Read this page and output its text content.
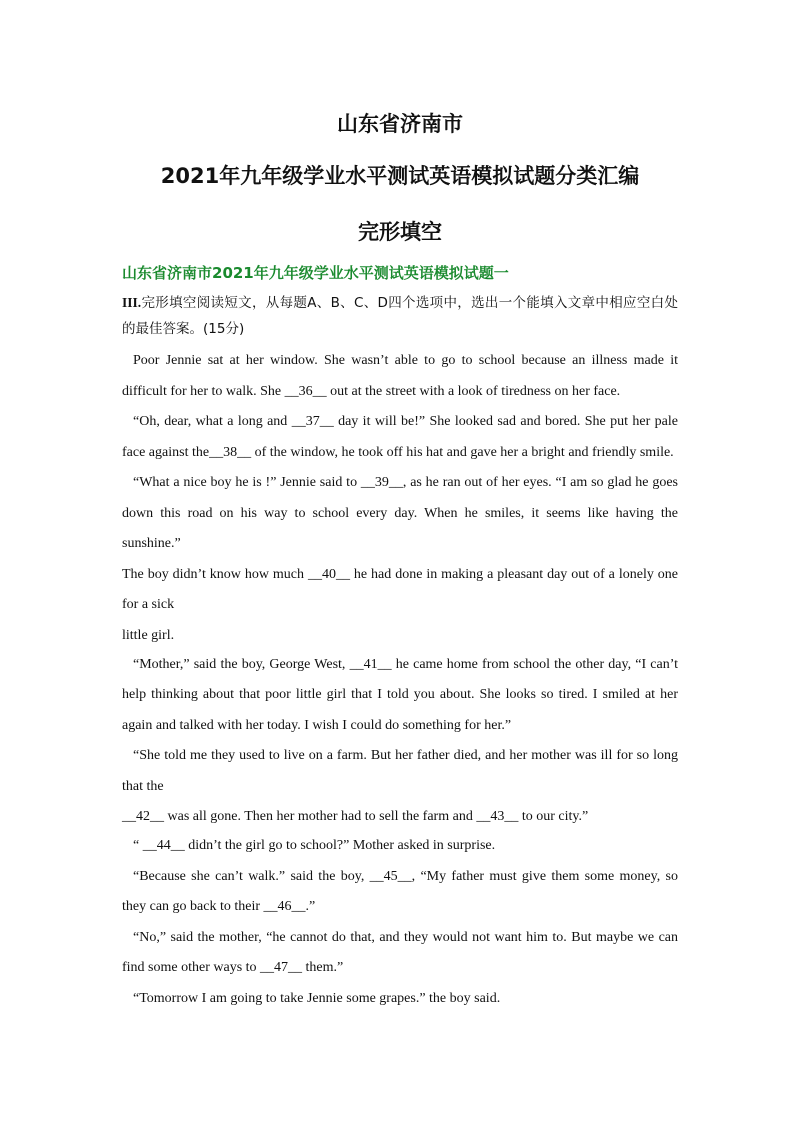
山东省济南市
2021年九年级学业水平测试英语模拟试题分类汇编
完形填空
山东省济南市2021年九年级学业水平测试英语模拟试题一

III.完形填空阅读短文，从每题A、B、C、D四个选项中，选出一个能填入文章中相应空白处的最佳答案。(15分)

Poor Jennie sat at her window. She wasn’t able to go to school because an illness made it difficult for her to walk. She __36__ out at the street with a look of tiredness on her face.

“Oh, dear, what a long and __37__ day it will be!” She looked sad and bored. She put her pale face against the__38__ of the window, he took off his hat and gave her a bright and friendly smile.

“What a nice boy he is !” Jennie said to __39__, as he ran out of her eyes. “I am so glad he goes down this road on his way to school every day. When he smiles, it seems like having the sunshine.”

The boy didn’t know how much __40__ he had done in making a pleasant day out of a lonely one for a sick

little girl.

“Mother,” said the boy, George West, __41__ he came home from school the other day, “I can’t help thinking about that poor little girl that I told you about. She looks so tired. I smiled at her again and talked with her today. I wish I could do something for her.”

“She told me they used to live on a farm. But her father died, and her mother was ill for so long that the

__42__ was all gone. Then her mother had to sell the farm and __43__ to our city.”

“ __44__ didn’t the girl go to school?” Mother asked in surprise.

“Because she can’t walk.” said the boy, __45__, “My father must give them some money, so they can go back to their __46__.”

“No,” said the mother, “he cannot do that, and they would not want him to. But maybe we can find some other ways to __47__ them.”

“Tomorrow I am going to take Jennie some grapes.” the boy said.
